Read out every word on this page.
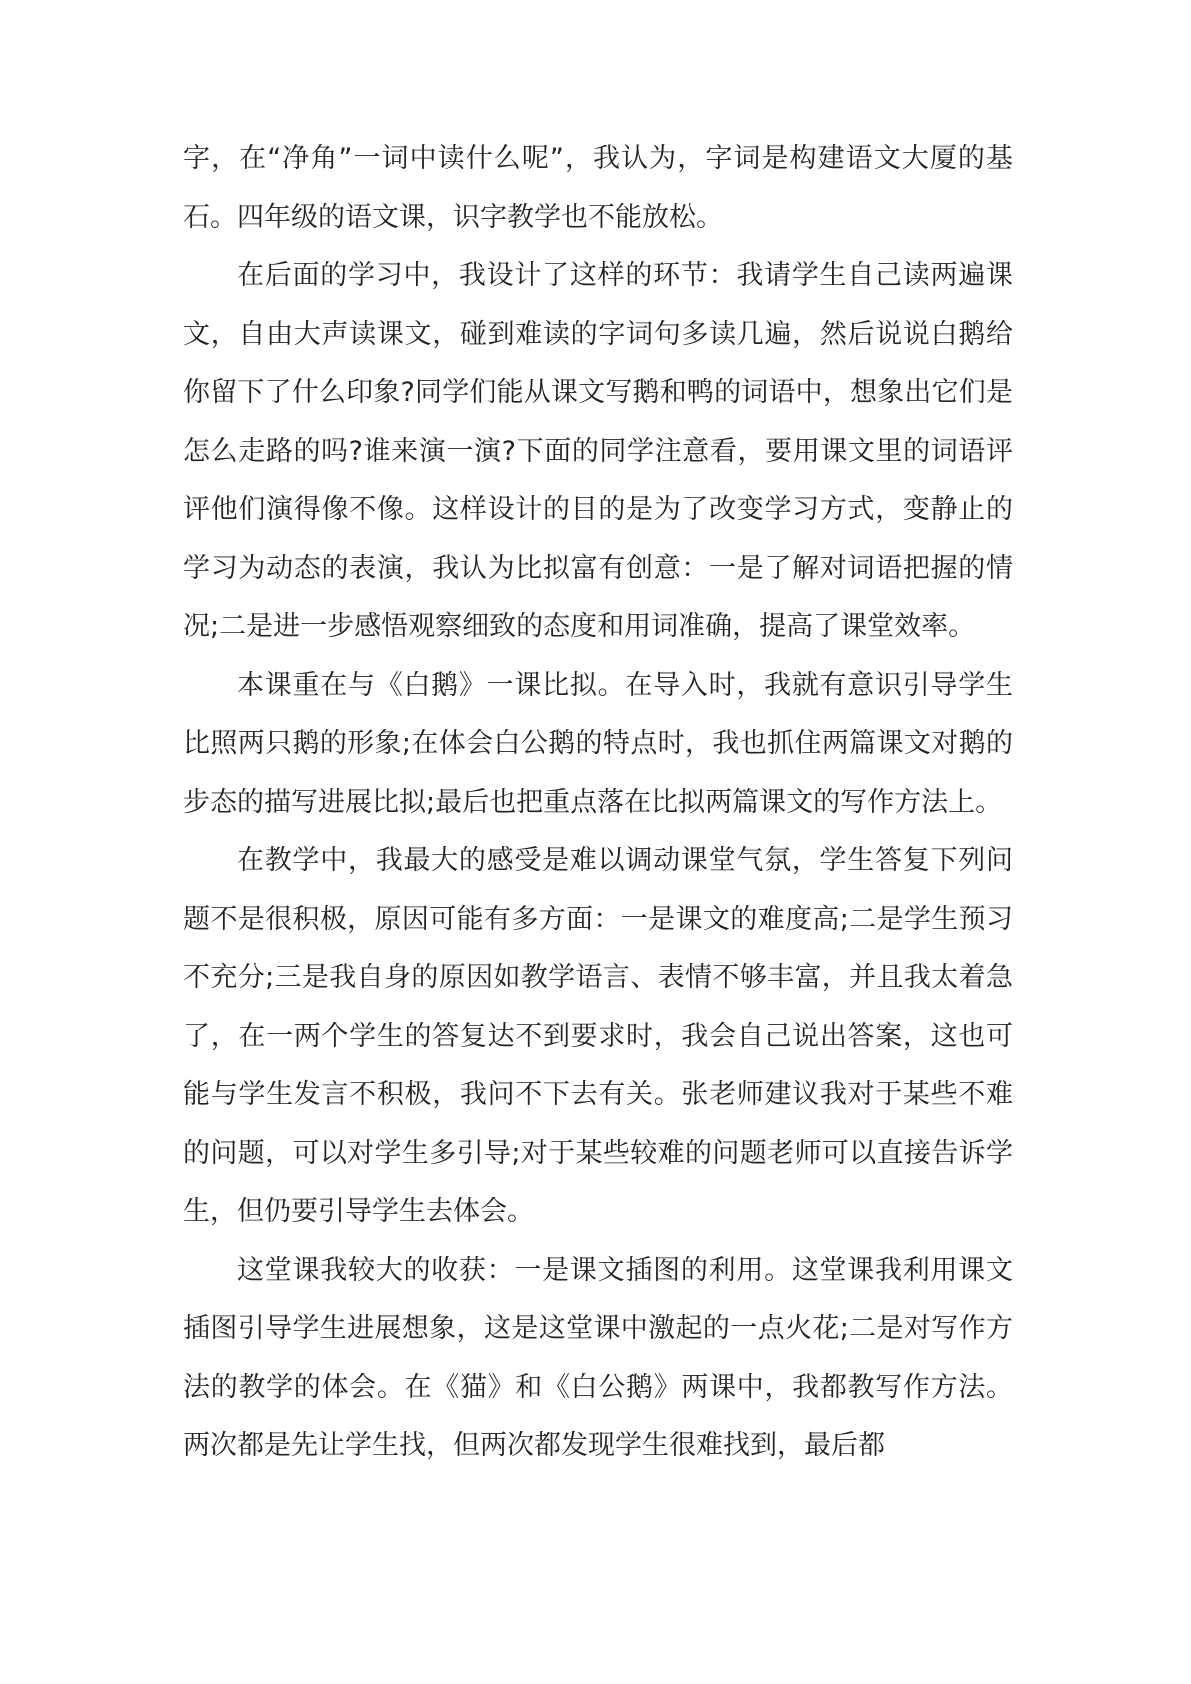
字，在“净角”一词中读什么呢”，我认为，字词是构建语文大厦的基石。四年级的语文课，识字教学也不能放松。

在后面的学习中，我设计了这样的环节：我请学生自己读两遍课文，自由大声读课文，碰到难读的字词句多读几遍，然后说说白鹅给你留下了什么印象?同学们能从课文写鹅和鸭的词语中，想象出它们是怎么走路的吗?谁来演一演?下面的同学注意看，要用课文里的词语评评他们演得像不像。这样设计的目的是为了改变学习方式，变静止的学习为动态的表演，我认为比拟富有创意：一是了解对词语把握的情况;二是进一步感悟观察细致的态度和用词准确，提高了课堂效率。

本课重在与《白鹅》一课比拟。在导入时，我就有意识引导学生比照两只鹅的形象;在体会白公鹅的特点时，我也抓住两篇课文对鹅的步态的描写进展比拟;最后也把重点落在比拟两篇课文的写作方法上。

在教学中，我最大的感受是难以调动课堂气氛，学生答复下列问题不是很积极，原因可能有多方面：一是课文的难度高;二是学生预习不充分;三是我自身的原因如教学语言、表情不够丰富，并且我太着急了，在一两个学生的答复达不到要求时，我会自己说出答案，这也可能与学生发言不积极，我问不下去有关。张老师建议我对于某些不难的问题，可以对学生多引导;对于某些较难的问题老师可以直接告诉学生，但仍要引导学生去体会。

这堂课我较大的收获：一是课文插图的利用。这堂课我利用课文插图引导学生进展想象，这是这堂课中激起的一点火花;二是对写作方法的教学的体会。在《猫》和《白公鹅》两课中，我都教写作方法。两次都是先让学生找，但两次都发现学生很难找到，最后都
